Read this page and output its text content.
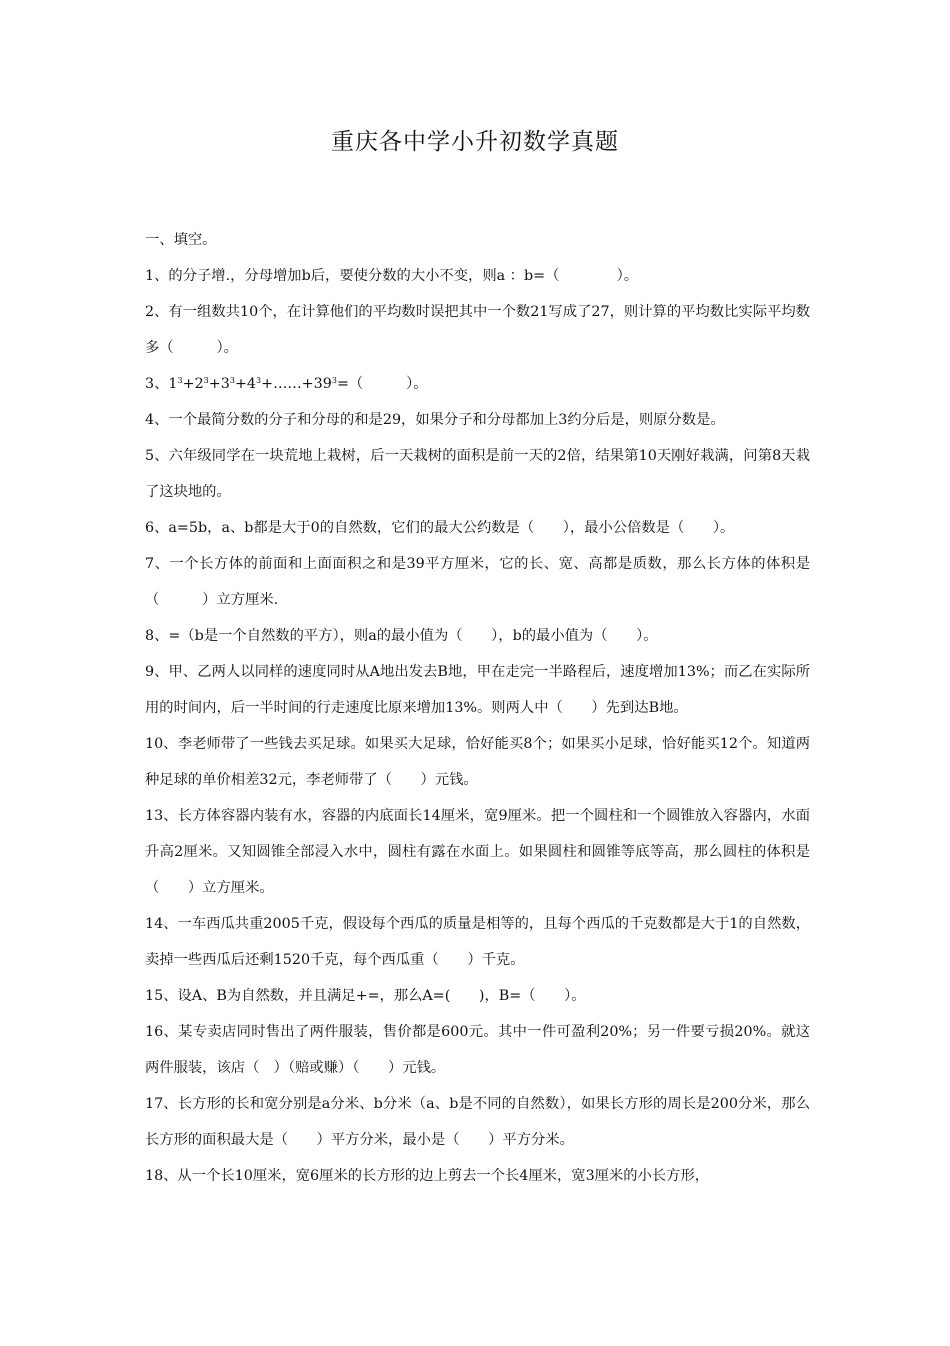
重庆各中学小升初数学真题

一、填空。

1、的分子增.，分母增加b后，要使分数的大小不变，则a ：b=（　　　　）。

2、有一组数共10个，在计算他们的平均数时误把其中一个数21写成了27，则计算的平均数比实际平均数多（　　　）。

3、$1^3+2^3+3^3+4^3+\dots\dots+39^3=$（　　　）。

4、一个最简分数的分子和分母的和是29，如果分子和分母都加上3约分后是，则原分数是。

5、六年级同学在一块荒地上栽树，后一天栽树的面积是前一天的2倍，结果第10天刚好栽满，问第8天栽了这块地的。

6、a=5b，a、b都是大于0的自然数，它们的最大公约数是（　　），最小公倍数是（　　）。

7、一个长方体的前面和上面面积之和是39平方厘米，它的长、宽、高都是质数，那么长方体的体积是（　　　）立方厘米.

8、=（b是一个自然数的平方），则a的最小值为（　　），b的最小值为（　　）。

9、甲、乙两人以同样的速度同时从A地出发去B地，甲在走完一半路程后，速度增加13%；而乙在实际所用的时间内，后一半时间的行走速度比原来增加13%。则两人中（　　）先到达B地。

10、李老师带了一些钱去买足球。如果买大足球，恰好能买8个；如果买小足球，恰好能买12个。知道两种足球的单价相差32元，李老师带了（　　）元钱。

13、长方体容器内装有水，容器的内底面长14厘米，宽9厘米。把一个圆柱和一个圆锥放入容器内，水面升高2厘米。又知圆锥全部浸入水中，圆柱有露在水面上。如果圆柱和圆锥等底等高，那么圆柱的体积是（　　）立方厘米。

14、一车西瓜共重2005千克，假设每个西瓜的质量是相等的，且每个西瓜的千克数都是大于1的自然数，卖掉一些西瓜后还剩1520千克，每个西瓜重（　　）千克。

15、设A、B为自然数，并且满足+=，那么A=(　　)，B=（　　）。

16、某专卖店同时售出了两件服装，售价都是600元。其中一件可盈利20%；另一件要亏损20%。就这两件服装，该店（　）（赔或赚）（　　）元钱。

17、长方形的长和宽分别是a分米、b分米（a、b是不同的自然数），如果长方形的周长是200分米，那么长方形的面积最大是（　　）平方分米，最小是（　　）平方分米。

18、从一个长10厘米，宽6厘米的长方形的边上剪去一个长4厘米，宽3厘米的小长方形，
